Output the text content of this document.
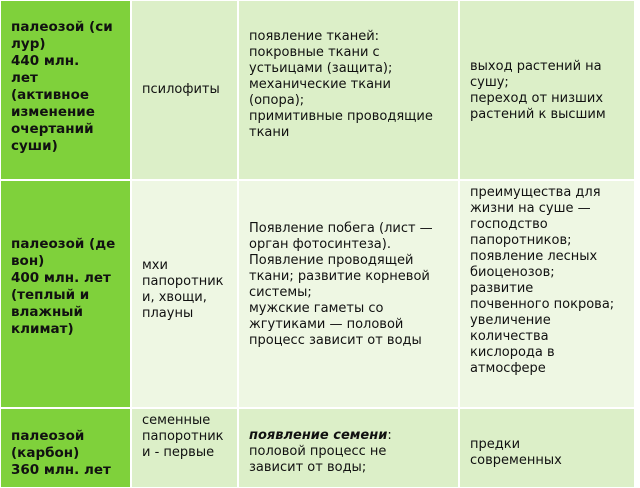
палеозой (си
лур)
440 млн.
лет
(активное
изменение
очертаний
суши)
псилофиты
появление тканей:
покровные ткани с
устьицами (защита);
механические ткани
(опора);
примитивные проводящие
ткани
выход растений на
сушу;
переход от низших
растений к высшим
палеозой (де
вон)
400 млн. лет
(теплый и
влажный
климат)
мхи
папоротник
и, хвощи,
плауны
Появление побега (лист —
орган фотосинтеза).
Появление проводящей
ткани; развитие корневой
системы;
мужские гаметы со
жгутиками — половой
процесс зависит от воды
преимущества для
жизни на суше —
господство
папоротников;
появление лесных
биоценозов;
развитие
почвенного покрова;
увеличение
количества
кислорода в
атмосфере
палеозой
(карбон)
360 млн. лет
семенные
папоротник
и - первые
появление семени:
половой процесс не
зависит от воды;
предки
современных
